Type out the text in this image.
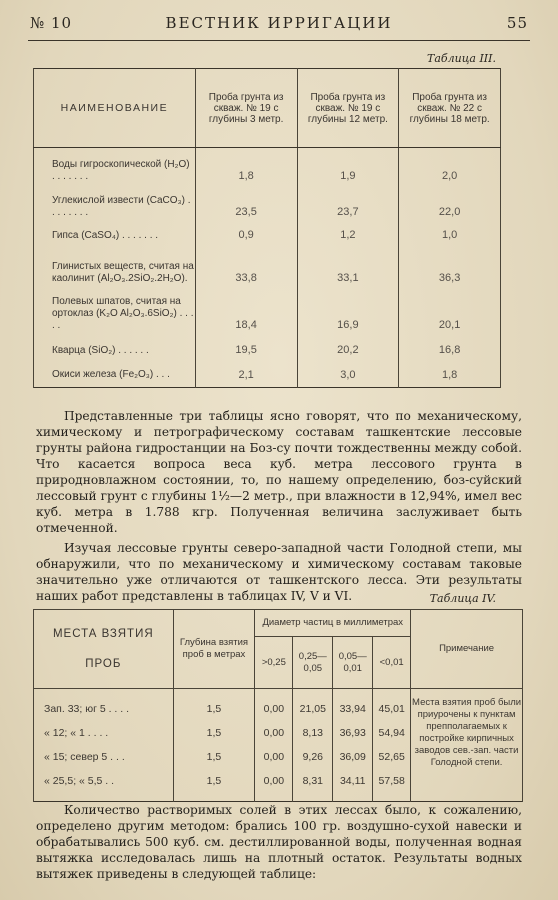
№ 10	ВЕСТНИК ИРРИГАЦИИ	55
Таблица III.
НАИМЕНОВАНИЕ	Проба грунта из скваж. № 19 с глубины 3 метр.	Проба грунта из скваж. № 19 с глубины 12 метр.	Проба грунта из скваж. № 22 с глубины 18 метр.
Воды гигроскопической (H₂O) . . . . . . .	1,8	1,9	2,0
Углекислой извести (CaCO₃) . . . . . . . .	23,5	23,7	22,0
Гипса (CaSO₄) . . . . . . .	0,9	1,2	1,0
Глинистых веществ, считая на каолинит (Al₂O₃.2SiO₂.2H₂O).	33,8	33,1	36,3
Полевых шпатов, считая на ортоклаз (K₂O Al₂O₃.6SiO₂) . . . . .	18,4	16,9	20,1
Кварца (SiO₂) . . . . . .	19,5	20,2	16,8
Окиси железа (Fe₂O₃) . . .	2,1	3,0	1,8

Представленные три таблицы ясно говорят, что по механическому, химическому и петрографическому составам ташкентские лессовые грунты района гидростанции на Боз-су почти тождественны между собой. Что касается вопроса веса куб. метра лессового грунта в природновлажном состоянии, то, по нашему определению, боз-суйский лессовый грунт с глубины 1½—2 метр., при влажности в 12,94%, имел вес куб. метра в 1.788 кгр. Полученная величина заслуживает быть отмеченной.

Изучая лессовые грунты северо-западной части Голодной степи, мы обнаружили, что по механическому и химическому составам таковые значительно уже отличаются от ташкентского лесса. Эти результаты наших работ представлены в таблицах IV, V и VI.	Таблица IV.
МЕСТА ВЗЯТИЯ ПРОБ	Глубина взятия проб в метрах	Диаметр частиц в миллиметрах				Примечание
		>0,25	0,25—0,05	0,05—0,01	<0,01	
Зап. 33; юг 5 . . . .	1,5	0,00	21,05	33,94	45,01	Места взятия проб были приурочены к пунктам препполагаемых к постройке кирпичных заводов сев.-зап. части Голодной степи.
« 12; « 1 . . . .	1,5	0,00	8,13	36,93	54,94	
« 15; север 5 . . .	1,5	0,00	9,26	36,09	52,65	
« 25,5; « 5,5 . .	1,5	0,00	8,31	34,11	57,58	

Количество растворимых солей в этих лессах было, к сожалению, определено другим методом: брались 100 гр. воздушно-сухой навески и обрабатывались 500 куб. см. дестиллированной воды, полученная водная вытяжка исследовалась лишь на плотный остаток. Результаты водных вытяжек приведены в следующей таблице:
